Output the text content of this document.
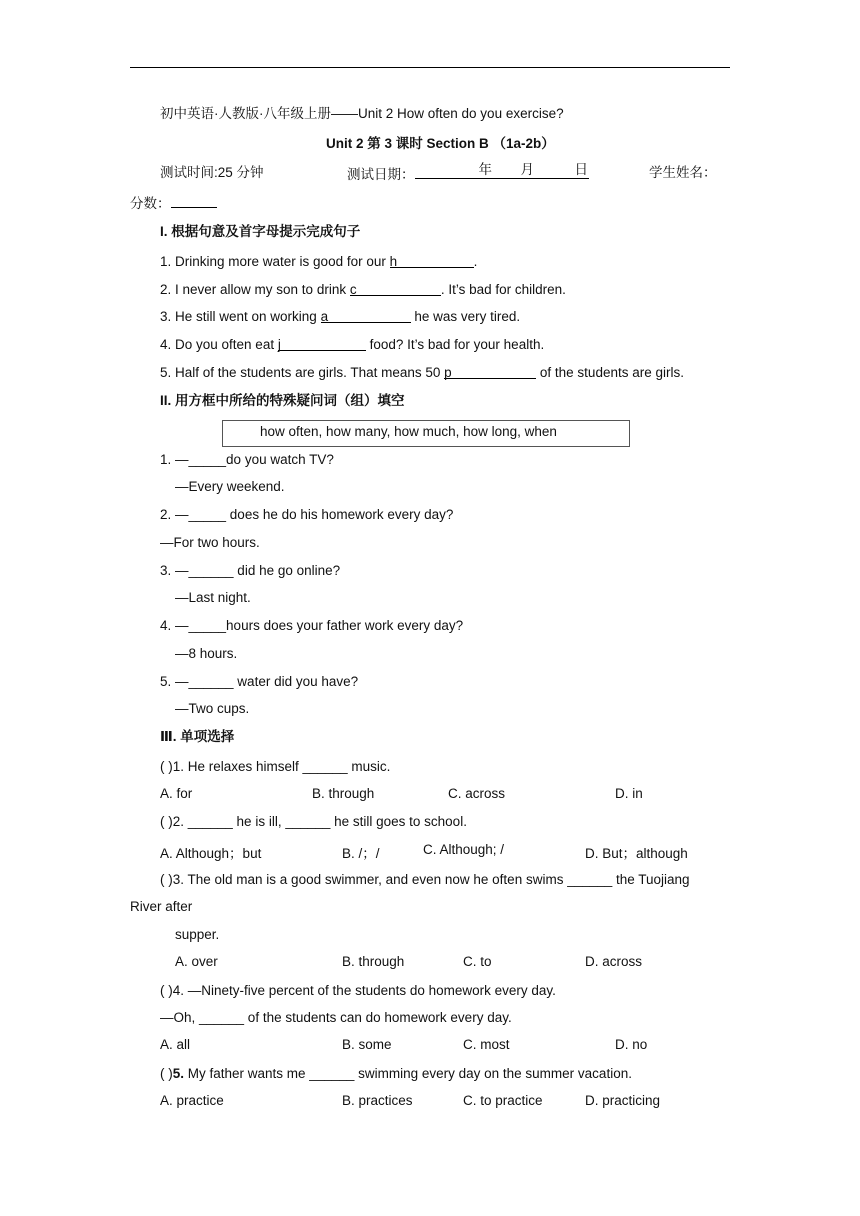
初中英语·人教版·八年级上册——Unit 2 How often do you exercise?
Unit 2 第 3 课时 Section B （1a-2b）
测试时间:25 分钟	测试日期：	年 月	日	学生姓名：
分数：
I. 根据句意及首字母提示完成句子
1. Drinking more water is good for our h	.
2. I never allow my son to drink c	. It’s bad for children.
3. He still went on working a	he was very tired.
4. Do you often eat j	food? It’s bad for your health.
5. Half of the students are girls. That means 50 p	of the students are girls.
II. 用方框中所给的特殊疑问词（组）填空
how often, how many, how much, how long, when
1. —_____do you watch TV?
—Every weekend.
2. —_____ does he do his homework every day?
—For two hours.
3. —______ did he go online?
—Last night.
4. —_____hours does your father work every day?
—8 hours.
5. —______ water did you have?
—Two cups.
Ⅲ. 单项选择
( )1. He relaxes himself ______ music.
A. for	B. through	C. across	D. in
( )2. ______ he is ill, ______ he still goes to school.
A. Although；but	B. /；/	C. Although; /	D. But；although
( )3. The old man is a good swimmer, and even now he often swims ______ the Tuojiang
River after
supper.
A. over	B. through	C. to	D. across
( )4. —Ninety-five percent of the students do homework every day.
—Oh, ______ of the students can do homework every day.
A. all	B. some	C. most	D. no
( )5. My father wants me ______ swimming every day on the summer vacation.
A. practice	B. practices	C. to practice	D. practicing
